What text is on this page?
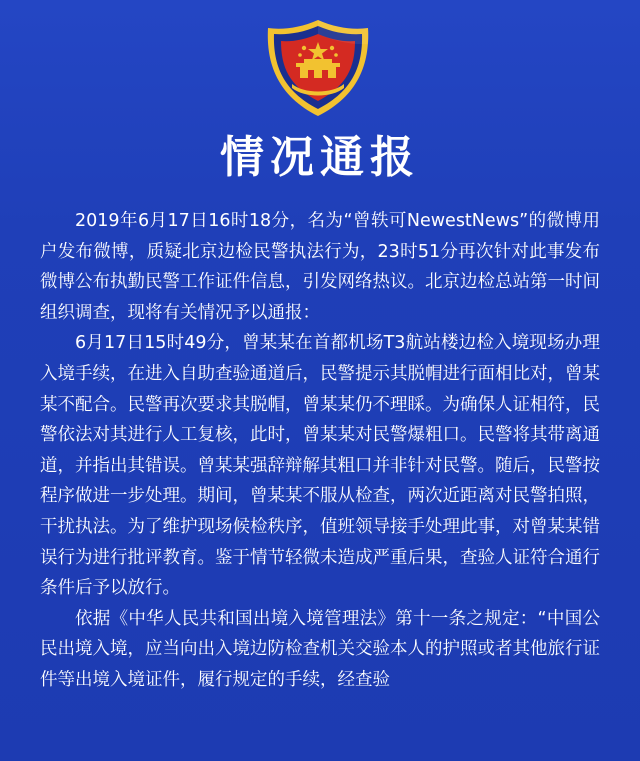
情况通报

2019年6月17日16时18分，名为“曾轶可NewestNews”的微博用户发布微博，质疑北京边检民警执法行为，23时51分再次针对此事发布微博公布执勤民警工作证件信息，引发网络热议。北京边检总站第一时间组织调查，现将有关情况予以通报：

6月17日15时49分，曾某某在首都机场T3航站楼边检入境现场办理入境手续，在进入自助查验通道后，民警提示其脱帽进行面相比对，曾某某不配合。民警再次要求其脱帽，曾某某仍不理睬。为确保人证相符，民警依法对其进行人工复核，此时，曾某某对民警爆粗口。民警将其带离通道，并指出其错误。曾某某强辞辩解其粗口并非针对民警。随后，民警按程序做进一步处理。期间，曾某某不服从检查，两次近距离对民警拍照，干扰执法。为了维护现场候检秩序，值班领导接手处理此事，对曾某某错误行为进行批评教育。鉴于情节轻微未造成严重后果，查验人证符合通行条件后予以放行。

依据《中华人民共和国出境入境管理法》第十一条之规定：“中国公民出境入境，应当向出入境边防检查机关交验本人的护照或者其他旅行证件等出境入境证件，履行规定的手续，经查验
